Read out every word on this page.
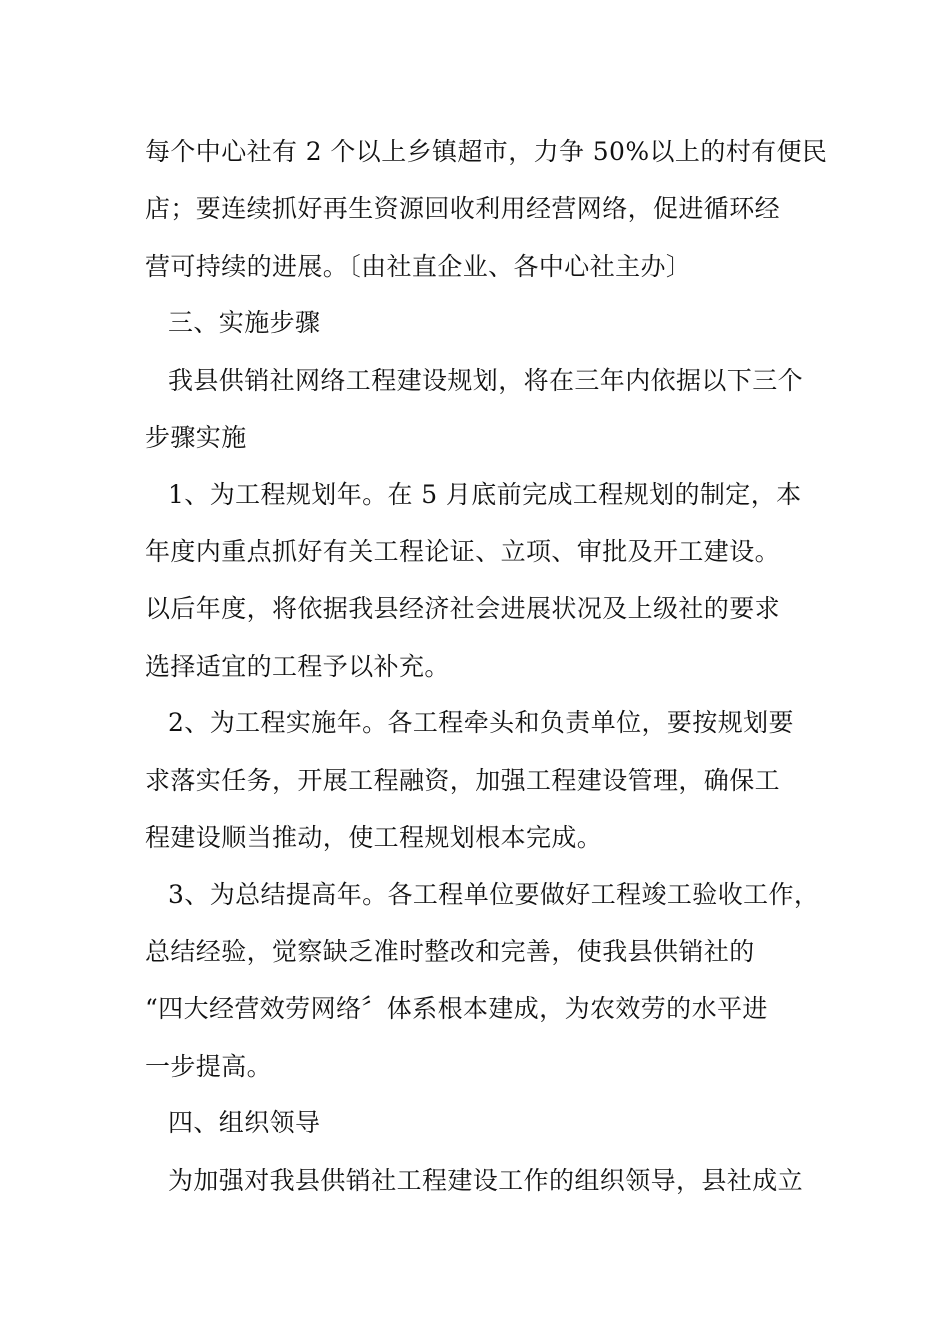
每个中心社有 2 个以上乡镇超市，力争 50%以上的村有便民
店；要连续抓好再生资源回收利用经营网络，促进循环经
营可持续的进展。〔由社直企业、各中心社主办〕
三、实施步骤
我县供销社网络工程建设规划，将在三年内依据以下三个
步骤实施
1、为工程规划年。在 5 月底前完成工程规划的制定，本
年度内重点抓好有关工程论证、立项、审批及开工建设。
以后年度，将依据我县经济社会进展状况及上级社的要求
选择适宜的工程予以补充。
2、为工程实施年。各工程牵头和负责单位，要按规划要
求落实任务，开展工程融资，加强工程建设管理，确保工
程建设顺当推动，使工程规划根本完成。
3、为总结提高年。各工程单位要做好工程竣工验收工作，
总结经验，觉察缺乏准时整改和完善，使我县供销社的
“四大经营效劳网络〞体系根本建成，为农效劳的水平进
一步提高。
四、组织领导
为加强对我县供销社工程建设工作的组织领导，县社成立
